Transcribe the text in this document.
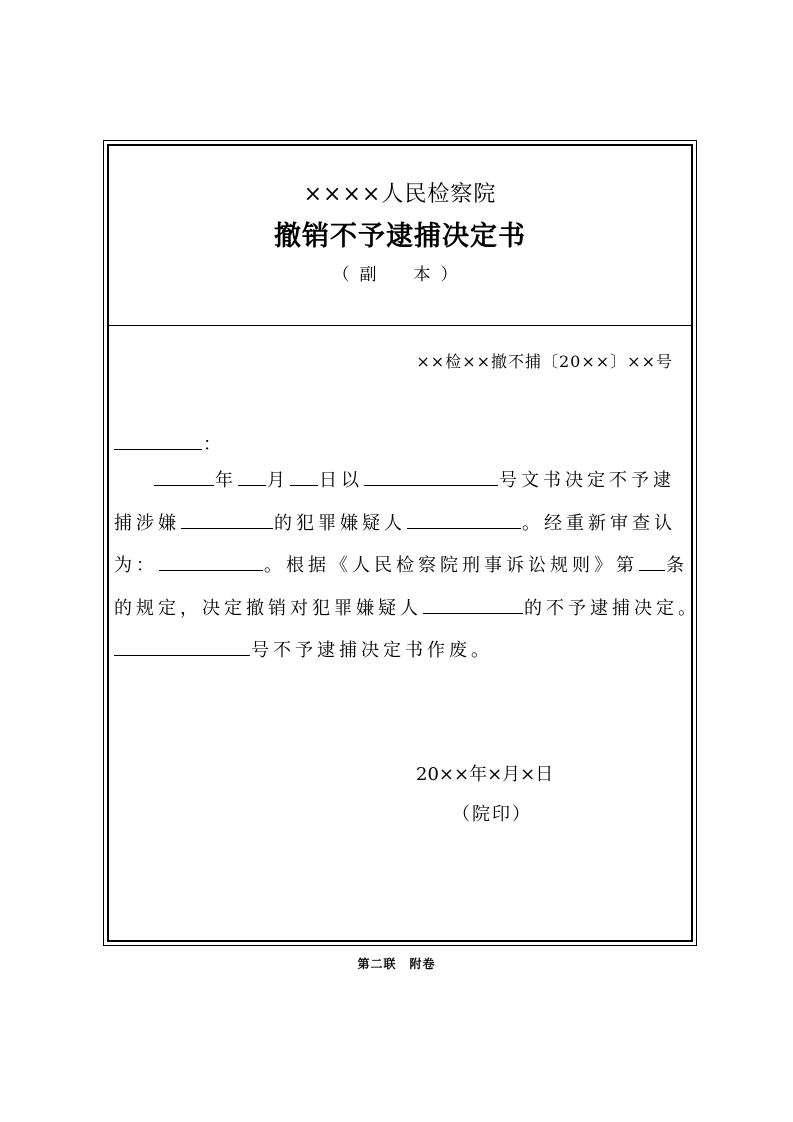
××××人民检察院
撤销不予逮捕决定书
（副　本）
××检××撤不捕〔20××〕××号
：
年 月 日以	号文书决定不予逮
捕涉嫌	的犯罪嫌疑人	。经重新审查认
为：	。根据《人民检察院刑事诉讼规则》第 条
的规定，决定撤销对犯罪嫌疑人	的不予逮捕决定。
号不予逮捕决定书作废。
20××年×月×日
（院印）
第二联　附卷
